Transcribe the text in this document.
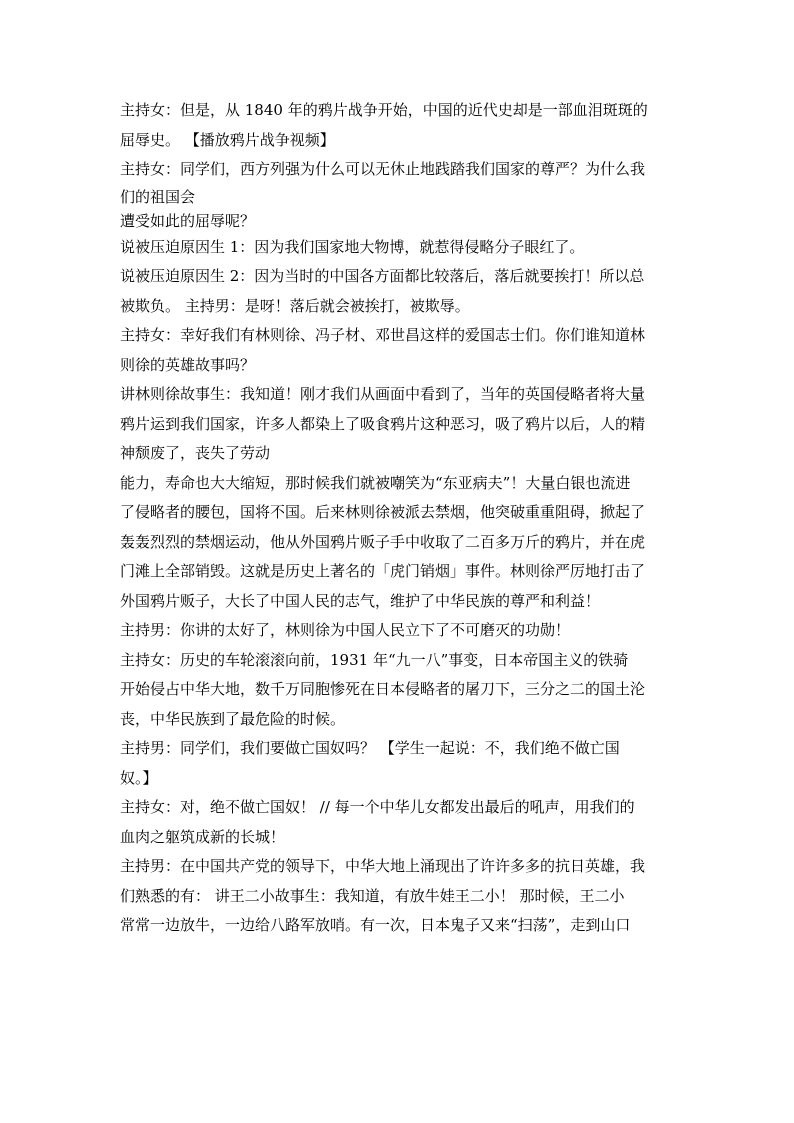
主持女：但是，从 1840 年的鸦片战争开始，中国的近代史却是一部血泪斑斑的
屈辱史。 【播放鸦片战争视频】
主持女：同学们，西方列强为什么可以无休止地践踏我们国家的尊严？为什么我
们的祖国会
遭受如此的屈辱呢？
说被压迫原因生 1：因为我们国家地大物博，就惹得侵略分子眼红了。
说被压迫原因生 2：因为当时的中国各方面都比较落后，落后就要挨打！所以总
被欺负。 主持男：是呀！落后就会被挨打，被欺辱。
主持女：幸好我们有林则徐、冯子材、邓世昌这样的爱国志士们。你们谁知道林
则徐的英雄故事吗？
讲林则徐故事生：我知道！刚才我们从画面中看到了，当年的英国侵略者将大量
鸦片运到我们国家，许多人都染上了吸食鸦片这种恶习，吸了鸦片以后，人的精
神颓废了，丧失了劳动
能力，寿命也大大缩短，那时候我们就被嘲笑为“东亚病夫”！大量白银也流进
了侵略者的腰包，国将不国。后来林则徐被派去禁烟，他突破重重阻碍，掀起了
轰轰烈烈的禁烟运动，他从外国鸦片贩子手中收取了二百多万斤的鸦片，并在虎
门滩上全部销毁。这就是历史上著名的「虎门销烟」事件。林则徐严厉地打击了
外国鸦片贩子，大长了中国人民的志气，维护了中华民族的尊严和利益！
主持男：你讲的太好了，林则徐为中国人民立下了不可磨灭的功勋！
主持女：历史的车轮滚滚向前，1931 年“九一八”事变，日本帝国主义的铁骑
开始侵占中华大地，数千万同胞惨死在日本侵略者的屠刀下，三分之二的国土沦
丧，中华民族到了最危险的时候。
主持男：同学们，我们要做亡国奴吗？ 【学生一起说：不，我们绝不做亡国
奴。】
主持女：对，绝不做亡国奴！ // 每一个中华儿女都发出最后的吼声，用我们的
血肉之躯筑成新的长城！
主持男：在中国共产党的领导下，中华大地上涌现出了许许多多的抗日英雄，我
们熟悉的有： 讲王二小故事生：我知道，有放牛娃王二小！ 那时候，王二小
常常一边放牛，一边给八路军放哨。有一次，日本鬼子又来“扫荡”，走到山口
